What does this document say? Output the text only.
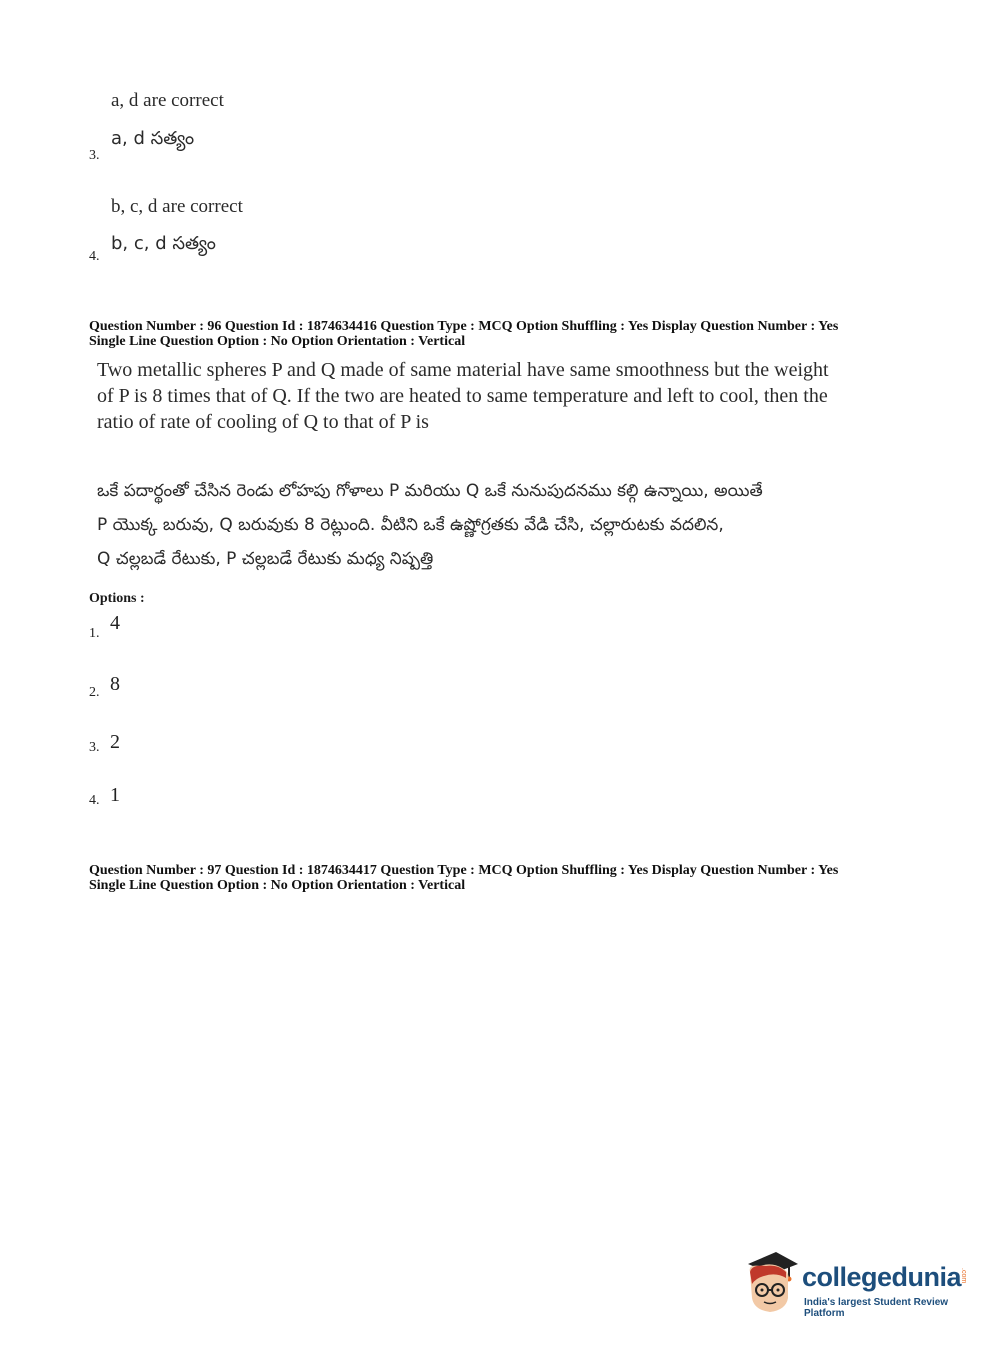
a, d are correct
a, d సత్యం
3.
b, c, d are correct
b, c, d సత్యం
4.
Question Number : 96 Question Id : 1874634416 Question Type : MCQ Option Shuffling : Yes Display Question Number : Yes
Single Line Question Option : No Option Orientation : Vertical
Two metallic spheres P and Q made of same material have same smoothness but the weight
of P is 8 times that of Q. If the two are heated to same temperature and left to cool, then the
ratio of rate of cooling of Q to that of P is
ఒకే పదార్థంతో చేసిన రెండు లోహపు గోళాలు P మరియు Q ఒకే నునుపుదనము కల్గి ఉన్నాయి, అయితే
P యొక్క బరువు, Q బరువుకు 8 రెట్లుంది. వీటిని ఒకే ఉష్ణోగ్రతకు వేడి చేసి, చల్లారుటకు వదలిన,
Q చల్లబడే రేటుకు, P చల్లబడే రేటుకు మధ్య నిష్పత్తి
Options :
1. 4
2. 8
3. 2
4. 1
Question Number : 97 Question Id : 1874634417 Question Type : MCQ Option Shuffling : Yes Display Question Number : Yes
Single Line Question Option : No Option Orientation : Vertical
collegedunia
.com
India's largest Student Review Platform
